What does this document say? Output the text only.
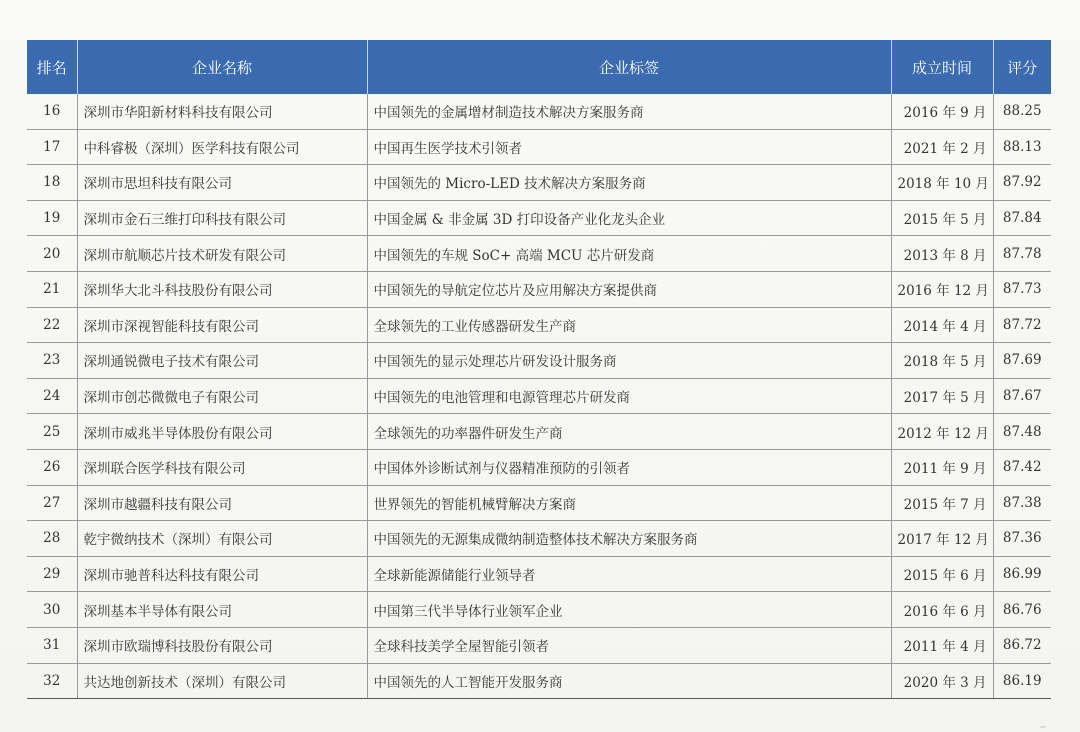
排名	企业名称	企业标签	成立时间	评分
16	深圳市华阳新材料科技有限公司	中国领先的金属增材制造技术解决方案服务商	2016 年 9 月	88.25
17	中科睿极（深圳）医学科技有限公司	中国再生医学技术引领者	2021 年 2 月	88.13
18	深圳市思坦科技有限公司	中国领先的 Micro-LED 技术解决方案服务商	2018 年 10 月	87.92
19	深圳市金石三维打印科技有限公司	中国金属 & 非金属 3D 打印设备产业化龙头企业	2015 年 5 月	87.84
20	深圳市航顺芯片技术研发有限公司	中国领先的车规 SoC+ 高端 MCU 芯片研发商	2013 年 8 月	87.78
21	深圳华大北斗科技股份有限公司	中国领先的导航定位芯片及应用解决方案提供商	2016 年 12 月	87.73
22	深圳市深视智能科技有限公司	全球领先的工业传感器研发生产商	2014 年 4 月	87.72
23	深圳通锐微电子技术有限公司	中国领先的显示处理芯片研发设计服务商	2018 年 5 月	87.69
24	深圳市创芯微微电子有限公司	中国领先的电池管理和电源管理芯片研发商	2017 年 5 月	87.67
25	深圳市威兆半导体股份有限公司	全球领先的功率器件研发生产商	2012 年 12 月	87.48
26	深圳联合医学科技有限公司	中国体外诊断试剂与仪器精准预防的引领者	2011 年 9 月	87.42
27	深圳市越疆科技有限公司	世界领先的智能机械臂解决方案商	2015 年 7 月	87.38
28	乾宇微纳技术（深圳）有限公司	中国领先的无源集成微纳制造整体技术解决方案服务商	2017 年 12 月	87.36
29	深圳市驰普科达科技有限公司	全球新能源储能行业领导者	2015 年 6 月	86.99
30	深圳基本半导体有限公司	中国第三代半导体行业领军企业	2016 年 6 月	86.76
31	深圳市欧瑞博科技股份有限公司	全球科技美学全屋智能引领者	2011 年 4 月	86.72
32	共达地创新技术（深圳）有限公司	中国领先的人工智能开发服务商	2020 年 3 月	86.19
